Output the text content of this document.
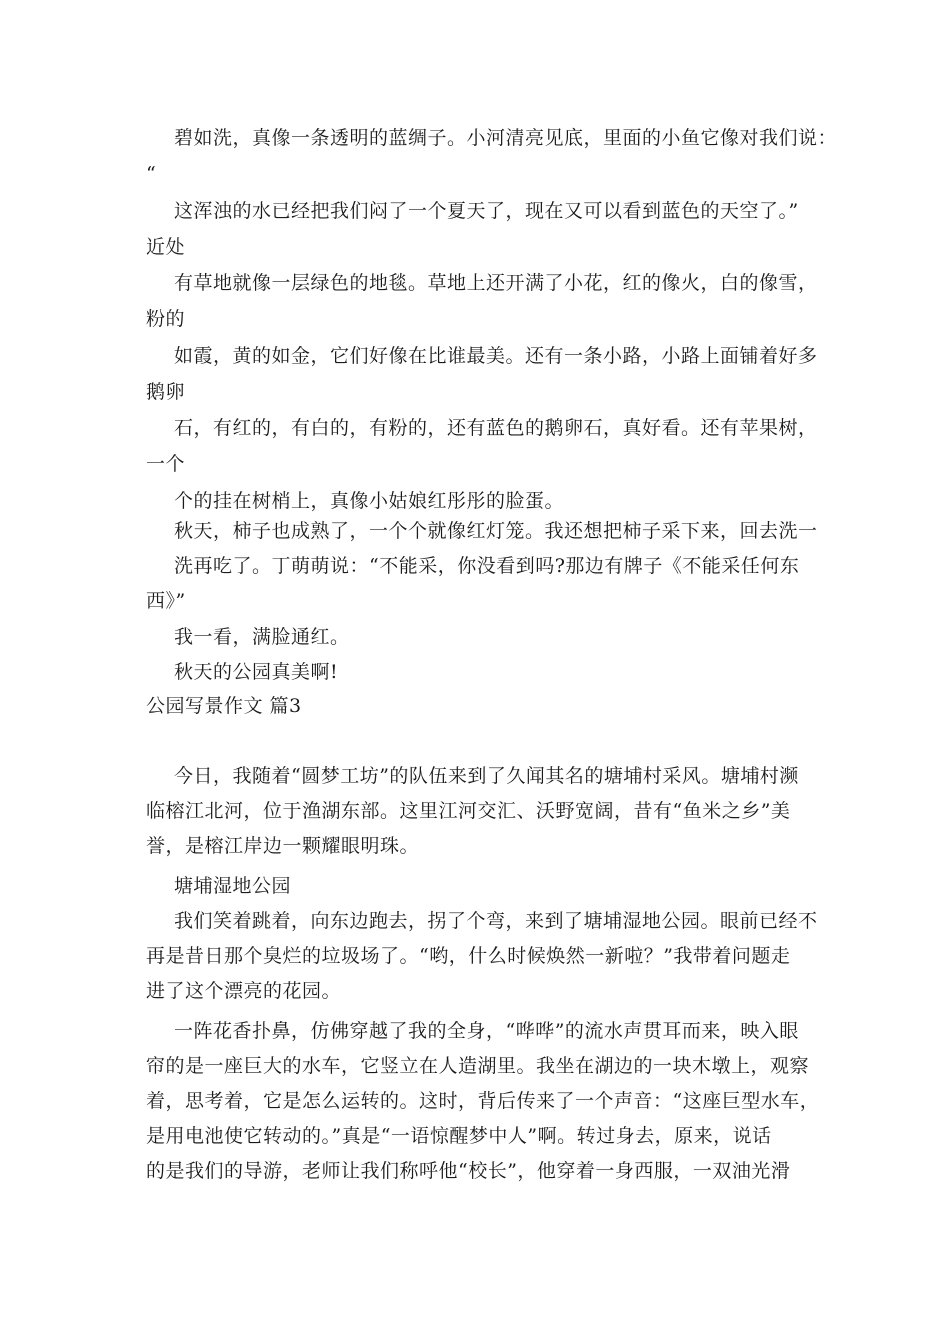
碧如洗，真像一条透明的蓝绸子。小河清亮见底，里面的小鱼它像对我们说：
“
这浑浊的水已经把我们闷了一个夏天了，现在又可以看到蓝色的天空了。”
近处
有草地就像一层绿色的地毯。草地上还开满了小花，红的像火，白的像雪，
粉的
如霞，黄的如金，它们好像在比谁最美。还有一条小路，小路上面铺着好多
鹅卵
石，有红的，有白的，有粉的，还有蓝色的鹅卵石，真好看。还有苹果树，
一个
个的挂在树梢上，真像小姑娘红彤彤的脸蛋。
秋天，柿子也成熟了，一个个就像红灯笼。我还想把柿子采下来，回去洗一
洗再吃了。丁萌萌说：“不能采，你没看到吗?那边有牌子《不能采任何东
西》”
我一看，满脸通红。
秋天的公园真美啊!
公园写景作文 篇3
今日，我随着“圆梦工坊”的队伍来到了久闻其名的塘埔村采风。塘埔村濒
临榕江北河，位于渔湖东部。这里江河交汇、沃野宽阔，昔有“鱼米之乡”美
誉，是榕江岸边一颗耀眼明珠。
塘埔湿地公园
我们笑着跳着，向东边跑去，拐了个弯，来到了塘埔湿地公园。眼前已经不
再是昔日那个臭烂的垃圾场了。“哟，什么时候焕然一新啦？”我带着问题走
进了这个漂亮的花园。
一阵花香扑鼻，仿佛穿越了我的全身，“哗哗”的流水声贯耳而来，映入眼
帘的是一座巨大的水车，它竖立在人造湖里。我坐在湖边的一块木墩上，观察
着，思考着，它是怎么运转的。这时，背后传来了一个声音：“这座巨型水车，
是用电池使它转动的。”真是“一语惊醒梦中人”啊。转过身去，原来，说话
的是我们的导游，老师让我们称呼他“校长”，他穿着一身西服，一双油光滑
